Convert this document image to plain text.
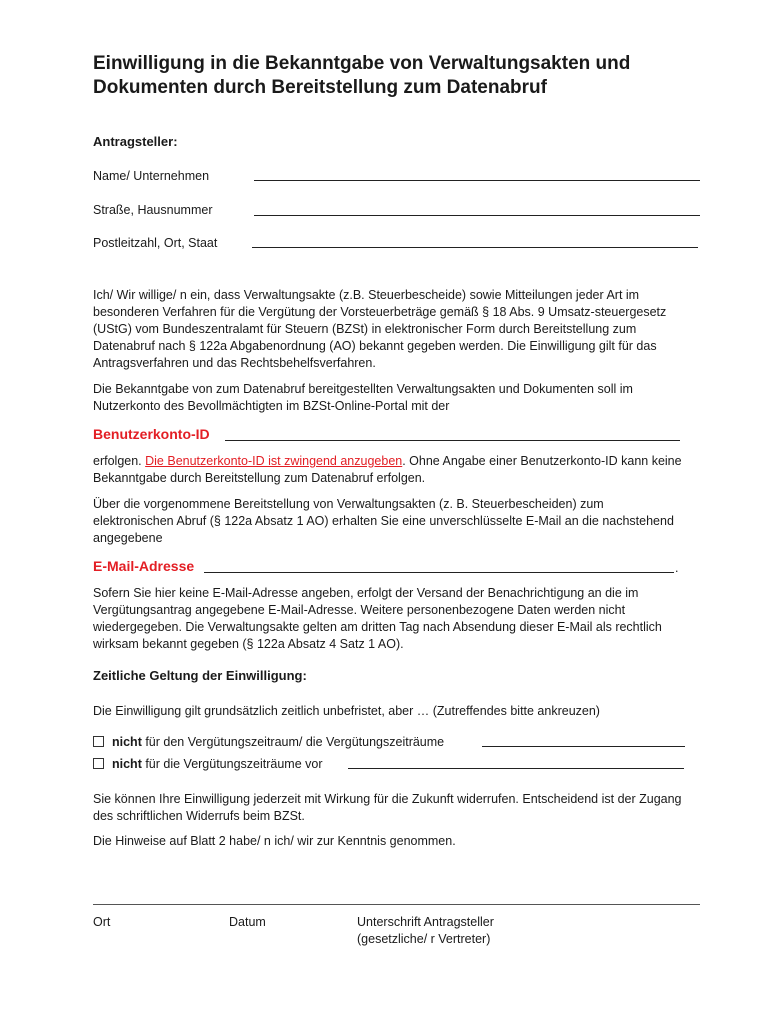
Einwilligung in die Bekanntgabe von Verwaltungsakten und Dokumenten durch Bereitstellung zum Datenabruf
Antragsteller:
Name/ Unternehmen
Straße, Hausnummer
Postleitzahl, Ort, Staat
Ich/ Wir willige/ n ein, dass Verwaltungsakte (z.B. Steuerbescheide) sowie Mitteilungen jeder Art im besonderen Verfahren für die Vergütung der Vorsteuerbeträge gemäß § 18 Abs. 9 Umsatz-steuergesetz (UStG) vom Bundeszentralamt für Steuern (BZSt) in elektronischer Form durch Bereitstellung zum Datenabruf nach § 122a Abgabenordnung (AO) bekannt gegeben werden. Die Einwilligung gilt für das Antragsverfahren und das Rechtsbehelfsverfahren.
Die Bekanntgabe von zum Datenabruf bereitgestellten Verwaltungsakten und Dokumenten soll im Nutzerkonto des Bevollmächtigten im BZSt-Online-Portal mit der
Benutzerkonto-ID
erfolgen. Die Benutzerkonto-ID ist zwingend anzugeben. Ohne Angabe einer Benutzerkonto-ID kann keine Bekanntgabe durch Bereitstellung zum Datenabruf erfolgen.
Über die vorgenommene Bereitstellung von Verwaltungsakten (z. B. Steuerbescheiden) zum elektronischen Abruf (§ 122a Absatz 1 AO) erhalten Sie eine unverschlüsselte E-Mail an die nachstehend angegebene
E-Mail-Adresse	.
Sofern Sie hier keine E-Mail-Adresse angeben, erfolgt der Versand der Benachrichtigung an die im Vergütungsantrag angegebene E-Mail-Adresse. Weitere personenbezogene Daten werden nicht wiedergegeben. Die Verwaltungsakte gelten am dritten Tag nach Absendung dieser E-Mail als rechtlich wirksam bekannt gegeben (§ 122a Absatz 4 Satz 1 AO).
Zeitliche Geltung der Einwilligung:
Die Einwilligung gilt grundsätzlich zeitlich unbefristet, aber … (Zutreffendes bitte ankreuzen)
nicht für den Vergütungszeitraum/ die Vergütungszeiträume
nicht für die Vergütungszeiträume vor
Sie können Ihre Einwilligung jederzeit mit Wirkung für die Zukunft widerrufen. Entscheidend ist der Zugang des schriftlichen Widerrufs beim BZSt.
Die Hinweise auf Blatt 2 habe/ n ich/ wir zur Kenntnis genommen.
Ort	Datum	Unterschrift Antragsteller
(gesetzliche/ r Vertreter)
